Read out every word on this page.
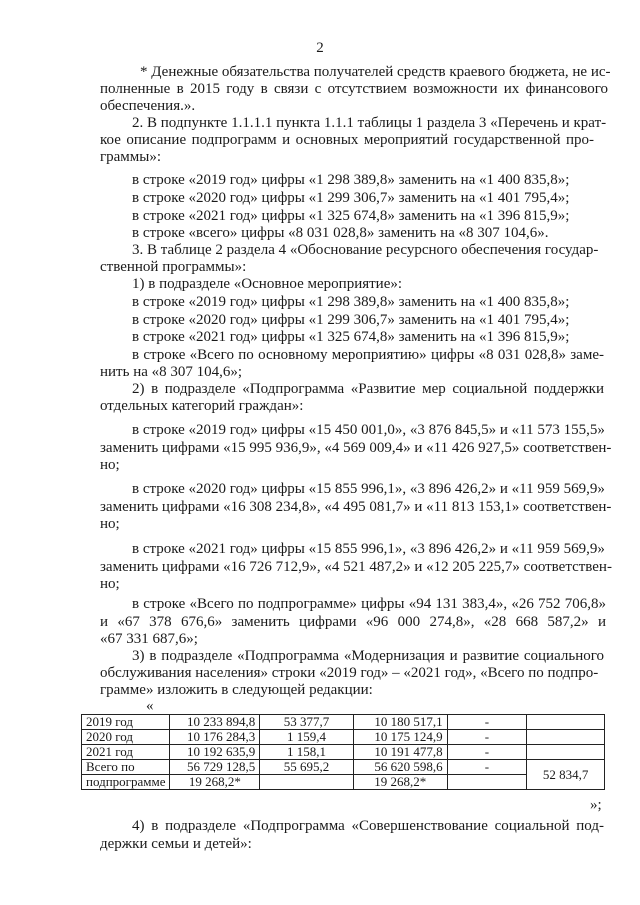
2
* Денежные обязательства получателей средств краевого бюджета, не ис-
полненные в 2015 году в связи с отсутствием возможности их финансового
обеспечения.».
2. В подпункте 1.1.1.1 пункта 1.1.1 таблицы 1 раздела 3 «Перечень и крат-
кое описание подпрограмм и основных мероприятий государственной про-
граммы»:
в строке «2019 год» цифры «1 298 389,8» заменить на «1 400 835,8»;
в строке «2020 год» цифры «1 299 306,7» заменить на «1 401 795,4»;
в строке «2021 год» цифры «1 325 674,8» заменить на «1 396 815,9»;
в строке «всего» цифры «8 031 028,8» заменить на «8 307 104,6».
3. В таблице 2 раздела 4 «Обоснование ресурсного обеспечения государ-
ственной программы»:
1) в подразделе «Основное мероприятие»:
в строке «2019 год» цифры «1 298 389,8» заменить на «1 400 835,8»;
в строке «2020 год» цифры «1 299 306,7» заменить на «1 401 795,4»;
в строке «2021 год» цифры «1 325 674,8» заменить на «1 396 815,9»;
в строке «Всего по основному мероприятию» цифры «8 031 028,8» заме-
нить на «8 307 104,6»;
2) в подразделе «Подпрограмма «Развитие мер социальной поддержки
отдельных категорий граждан»:
в строке «2019 год» цифры «15 450 001,0», «3 876 845,5» и «11 573 155,5»
заменить цифрами «15 995 936,9», «4 569 009,4» и «11 426 927,5» соответствен-
но;
в строке «2020 год» цифры «15 855 996,1», «3 896 426,2» и «11 959 569,9»
заменить цифрами «16 308 234,8», «4 495 081,7» и «11 813 153,1» соответствен-
но;
в строке «2021 год» цифры «15 855 996,1», «3 896 426,2» и «11 959 569,9»
заменить цифрами «16 726 712,9», «4 521 487,2» и «12 205 225,7» соответствен-
но;
в строке «Всего по подпрограмме» цифры «94 131 383,4», «26 752 706,8»
и «67 378 676,6» заменить цифрами «96 000 274,8», «28 668 587,2» и
«67 331 687,6»;
3) в подразделе «Подпрограмма «Модернизация и развитие социального
обслуживания населения» строки «2019 год» – «2021 год», «Всего по подпро-
грамме» изложить в следующей редакции:
«
2019 год	10 233 894,8	53 377,7	10 180 517,1	-	
2020 год	10 176 284,3	1 159,4	10 175 124,9	-	
2021 год	10 192 635,9	1 158,1	10 191 477,8	-	
Всего по	56 729 128,5	55 695,2	56 620 598,6	-	52 834,7
подпрограмме	19 268,2*		19 268,2*		
»;
4) в подразделе «Подпрограмма «Совершенствование социальной под-
держки семьи и детей»:
